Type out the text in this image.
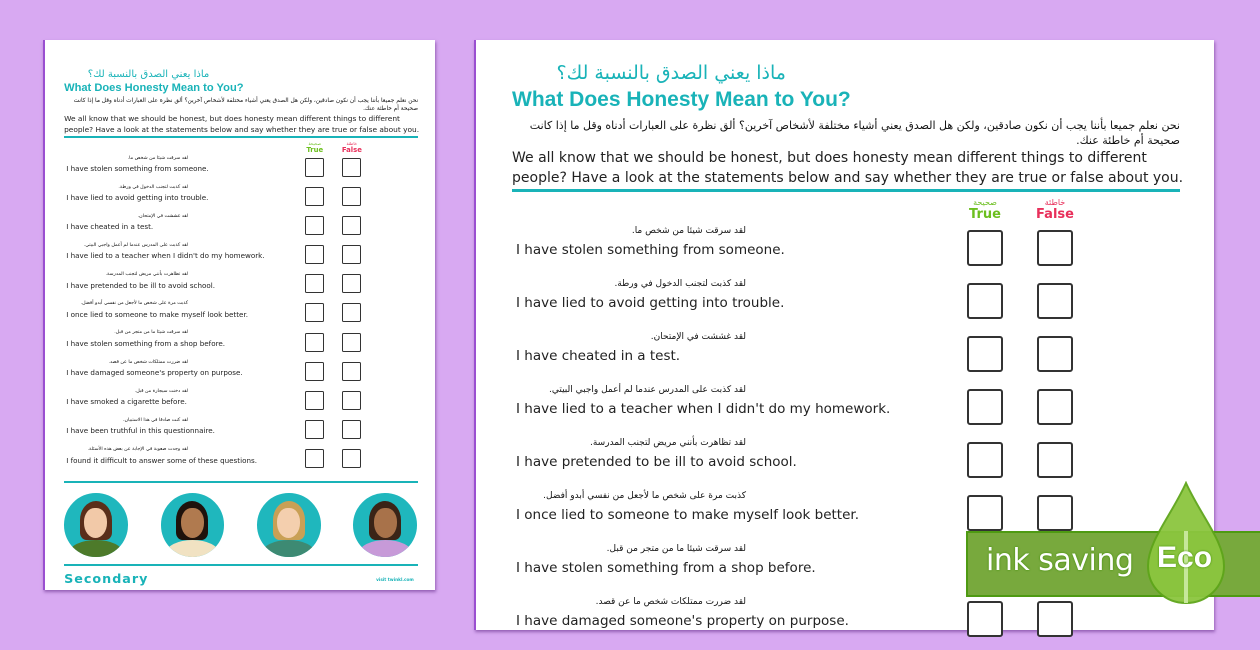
ماذا يعني الصدق بالنسبة لك؟
What Does Honesty Mean to You?
نحن نعلم جميعا بأننا يجب أن نكون صادقين، ولكن هل الصدق يعني أشياء مختلفة لأشخاص آخرين؟ ألق نظرة على العبارات أدناه وقل ما إذا كانت صحيحة أم خاطئة عنك.
We all know that we should be honest, but does honesty mean different things to different people? Have a look at the statements below and say whether they are true or false about you.
صحيحة
True
خاطئة
False
لقد سرقت شيئا من شخص ما.
I have stolen something from someone.
لقد كذبت لتجنب الدخول في ورطة.
I have lied to avoid getting into trouble.
لقد غششت في الإمتحان.
I have cheated in a test.
لقد كذبت على المدرس عندما لم أعمل واجبي البيتي.
I have lied to a teacher when I didn't do my homework.
لقد تظاهرت بأنني مريض لتجنب المدرسة.
I have pretended to be ill to avoid school.
كذبت مرة على شخص ما لأجعل من نفسي أبدو أفضل.
I once lied to someone to make myself look better.
لقد سرقت شيئا ما من متجر من قبل.
I have stolen something from a shop before.
لقد ضررت ممتلكات شخص ما عن قصد.
I have damaged someone's property on purpose.
لقد دخنت سيجارة من قبل.
I have smoked a cigarette before.
لقد كنت صادقا في هذا الاستبيان.
I have been truthful in this questionnaire.
لقد وجدت صعوبة في الإجابة عن بعض هذه الأسئلة.
I found it difficult to answer some of these questions.
Secondary	visit twinkl.com
ماذا يعني الصدق بالنسبة لك؟
What Does Honesty Mean to You?
نحن نعلم جميعا بأننا يجب أن نكون صادقين، ولكن هل الصدق يعني أشياء مختلفة لأشخاص آخرين؟ ألق نظرة على العبارات أدناه وقل ما إذا كانت صحيحة أم خاطئة عنك.
We all know that we should be honest, but does honesty mean different things to different people? Have a look at the statements below and say whether they are true or false about you.
صحيحة
True
خاطئة
False
لقد سرقت شيئا من شخص ما.
I have stolen something from someone.
لقد كذبت لتجنب الدخول في ورطة.
I have lied to avoid getting into trouble.
لقد غششت في الإمتحان.
I have cheated in a test.
لقد كذبت على المدرس عندما لم أعمل واجبي البيتي.
I have lied to a teacher when I didn't do my homework.
لقد تظاهرت بأنني مريض لتجنب المدرسة.
I have pretended to be ill to avoid school.
كذبت مرة على شخص ما لأجعل من نفسي أبدو أفضل.
I once lied to someone to make myself look better.
لقد سرقت شيئا ما من متجر من قبل.
I have stolen something from a shop before.
لقد ضررت ممتلكات شخص ما عن قصد.
I have damaged someone's property on purpose.
ink saving Eco
